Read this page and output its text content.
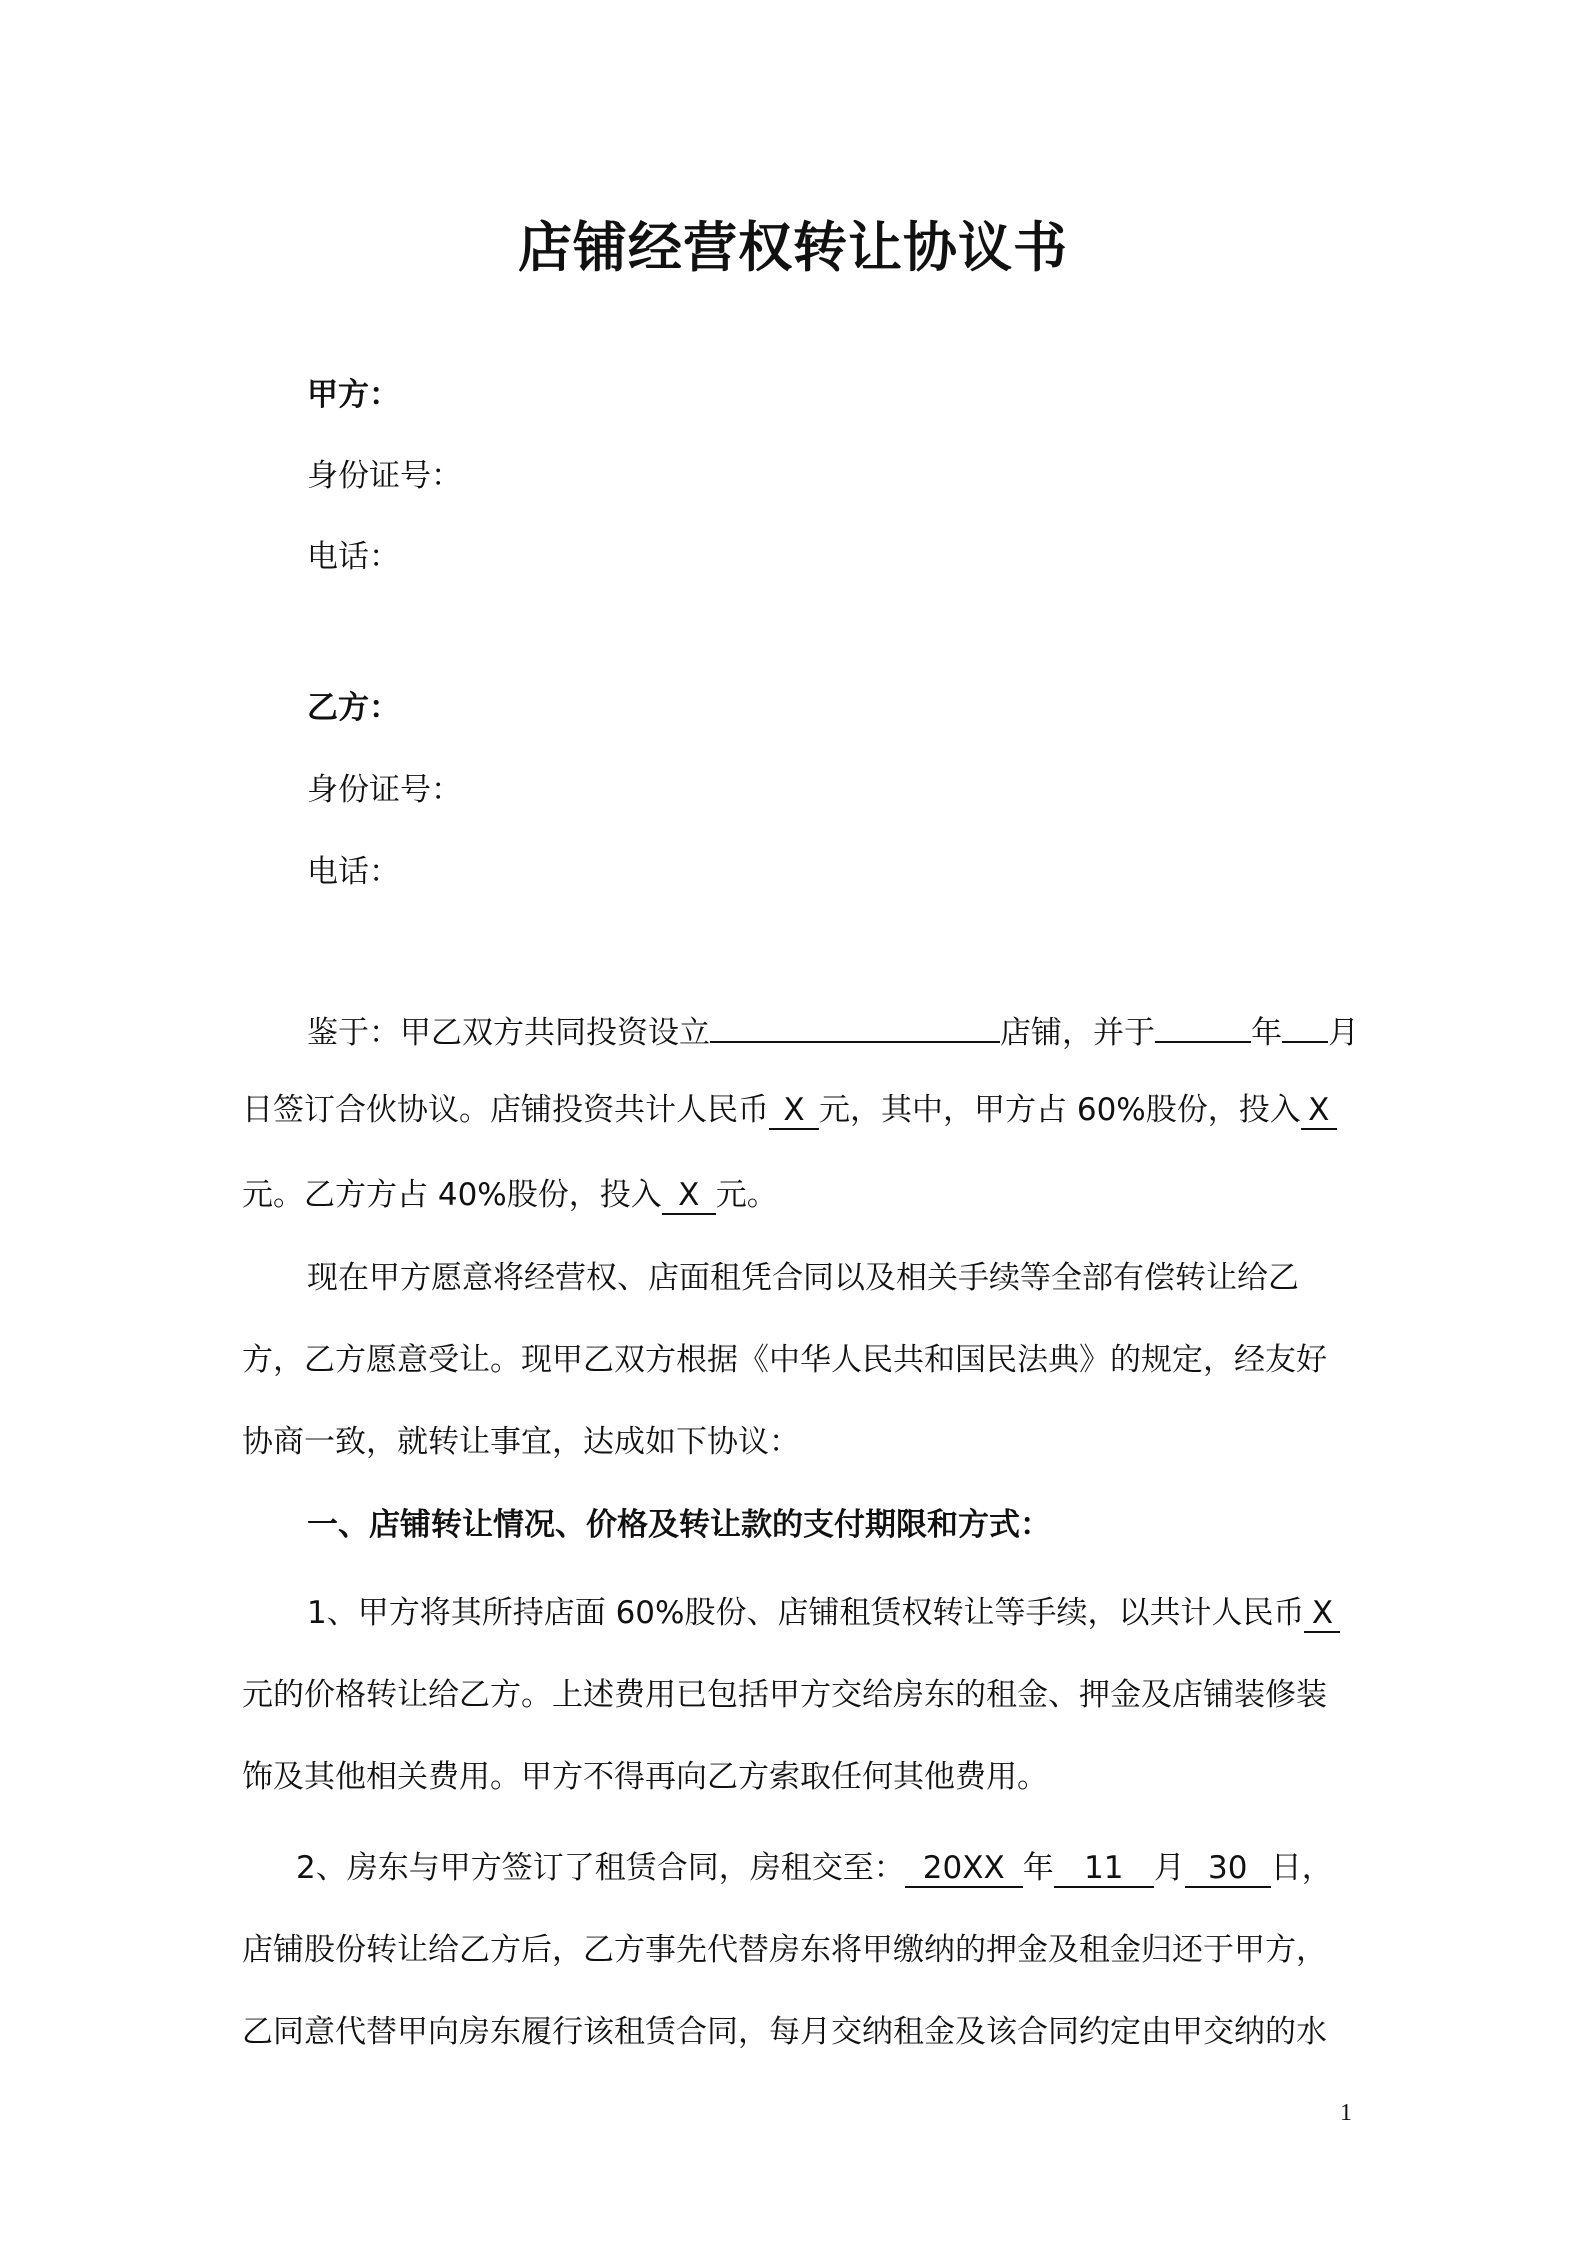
店铺经营权转让协议书
甲方：
身份证号：
电话：
乙方：
身份证号：
电话：
鉴于：甲乙双方共同投资设立	店铺，并于	年 月
日签订合伙协议。店铺投资共计人民币 X 元，其中，甲方占 60%股份，投入 X
元。乙方方占 40%股份，投入 X 元。
现在甲方愿意将经营权、店面租凭合同以及相关手续等全部有偿转让给乙
方，乙方愿意受让。现甲乙双方根据《中华人民共和国民法典》的规定，经友好
协商一致，就转让事宜，达成如下协议：
一、店铺转让情况、价格及转让款的支付期限和方式：
1、甲方将其所持店面 60%股份、店铺租赁权转让等手续，以共计人民币 X
元的价格转让给乙方。上述费用已包括甲方交给房东的租金、押金及店铺装修装
饰及其他相关费用。甲方不得再向乙方索取任何其他费用。
2、房东与甲方签订了租赁合同，房租交至： 20XX 年 11 月 30 日，
店铺股份转让给乙方后，乙方事先代替房东将甲缴纳的押金及租金归还于甲方，
乙同意代替甲向房东履行该租赁合同，每月交纳租金及该合同约定由甲交纳的水
1
